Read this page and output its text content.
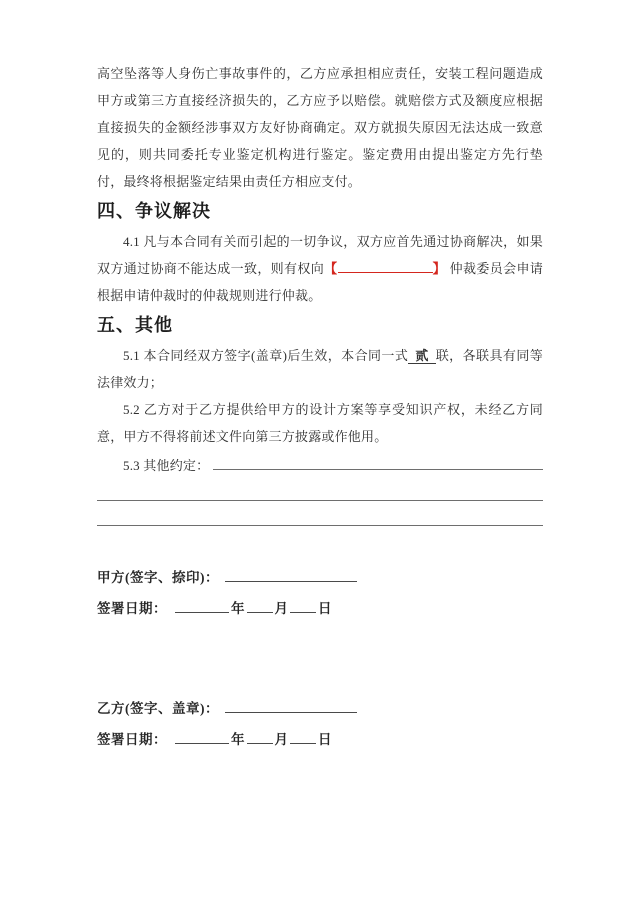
高空坠落等人身伤亡事故事件的，乙方应承担相应责任，安装工程问题造成甲方或第三方直接经济损失的，乙方应予以赔偿。就赔偿方式及额度应根据直接损失的金额经涉事双方友好协商确定。双方就损失原因无法达成一致意见的，则共同委托专业鉴定机构进行鉴定。鉴定费用由提出鉴定方先行垫付，最终将根据鉴定结果由责任方相应支付。

四、争议解决

4.1 凡与本合同有关而引起的一切争议，双方应首先通过协商解决，如果双方通过协商不能达成一致，则有权向【	】 仲裁委员会申请根据申请仲裁时的仲裁规则进行仲裁。

五、其他

5.1 本合同经双方签字(盖章)后生效，本合同一式 贰 联，各联具有同等法律效力；

5.2 乙方对于乙方提供给甲方的设计方案等享受知识产权，未经乙方同意，甲方不得将前述文件向第三方披露或作他用。

5.3 其他约定：

甲方(签字、捺印)：
签署日期：	年 月 日
乙方(签字、盖章)：
签署日期：	年 月 日
